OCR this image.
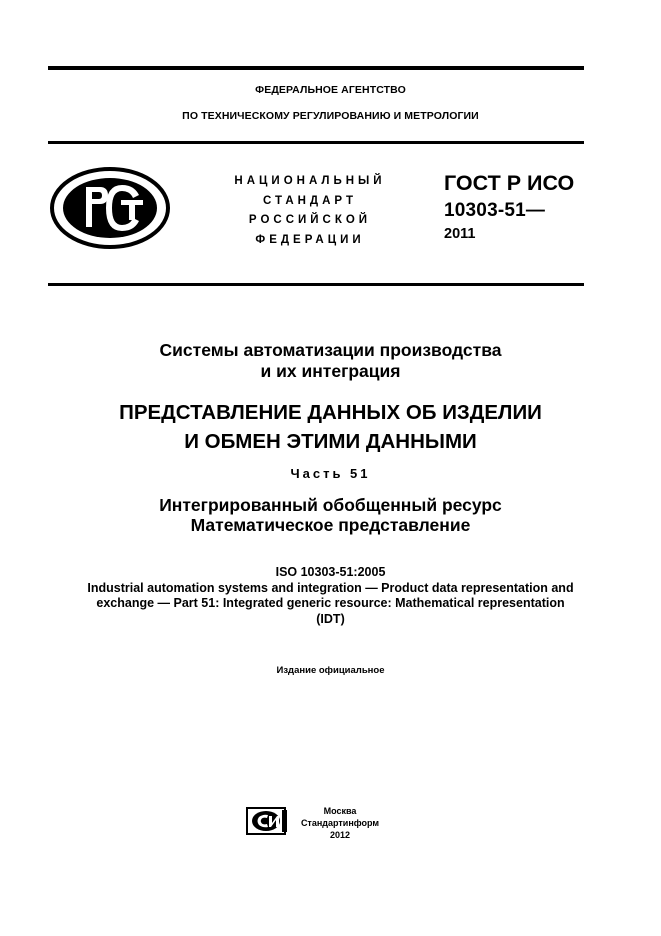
ФЕДЕРАЛЬНОЕ АГЕНТСТВО
ПО ТЕХНИЧЕСКОМУ РЕГУЛИРОВАНИЮ И МЕТРОЛОГИИ
НАЦИОНАЛЬНЫЙ
СТАНДАРТ
РОССИЙСКОЙ
ФЕДЕРАЦИИ
ГОСТ Р ИСО
10303-51—
2011
Системы автоматизации производства
и их интеграция
ПРЕДСТАВЛЕНИЕ ДАННЫХ ОБ ИЗДЕЛИИ
И ОБМЕН ЭТИМИ ДАННЫМИ
Часть 51
Интегрированный обобщенный ресурс
Математическое представление
ISO 10303-51:2005
Industrial automation systems and integration — Product data representation and
exchange — Part 51: Integrated generic resource: Mathematical representation
(IDT)
Издание официальное
Москва
Стандартинформ
2012
